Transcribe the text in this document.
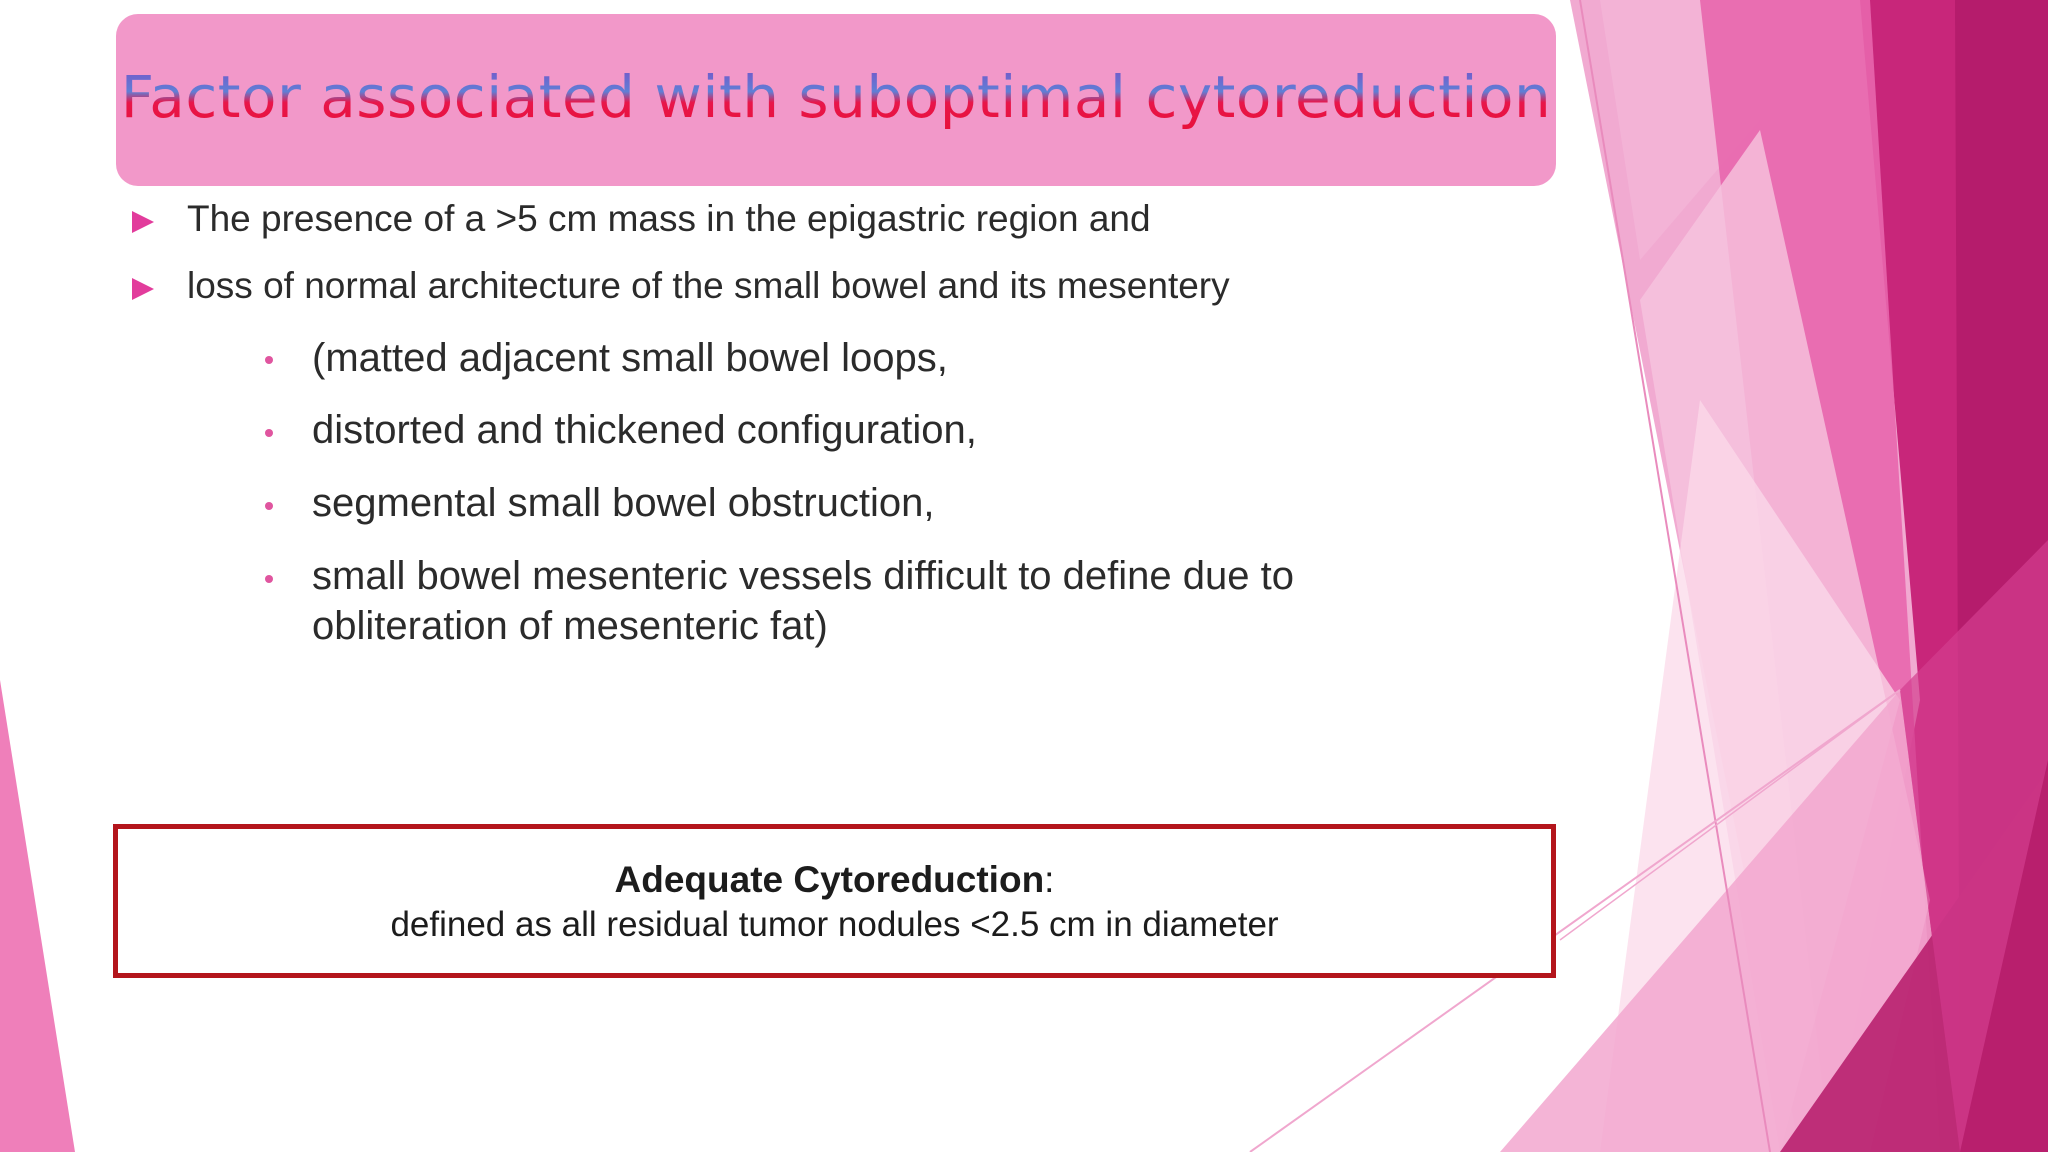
Factor associated with suboptimal cytoreduction
The presence of a >5 cm mass in the epigastric region and
loss of normal architecture of the small bowel and its mesentery
(matted adjacent small bowel loops,
distorted and thickened configuration,
segmental small bowel obstruction,
small bowel mesenteric vessels difficult to define due to obliteration of mesenteric fat)
Adequate Cytoreduction:
defined as all residual tumor nodules <2.5 cm in diameter
